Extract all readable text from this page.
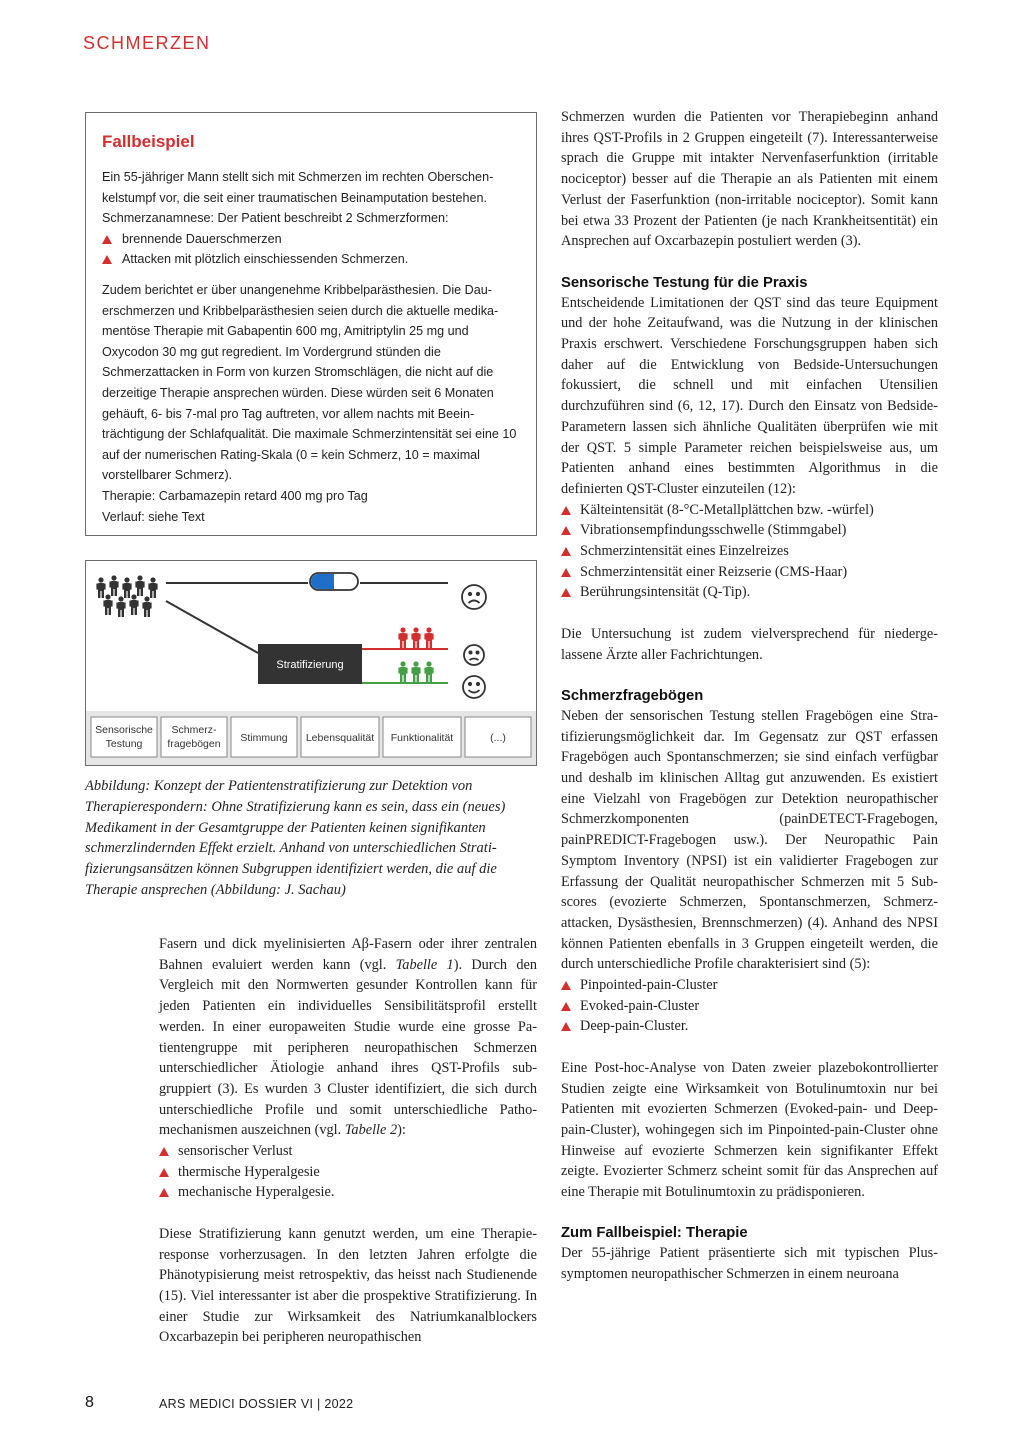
SCHMERZEN
Fallbeispiel

Ein 55-jähriger Mann stellt sich mit Schmerzen im rechten Oberschenkelstumpf vor, die seit einer traumatischen Beinamputation bestehen. Schmerzanamnese: Der Patient beschreibt 2 Schmerzformen:

brennende Dauerschmerzen
Attacken mit plötzlich einschiessenden Schmerzen.

Zudem berichtet er über unangenehme Kribbelparästhesien. Die Dauerschmerzen und Kribbelparästhesien seien durch die aktuelle medikamentöse Therapie mit Gabapentin 600 mg, Amitriptylin 25 mg und Oxycodon 30 mg gut regredient. Im Vordergrund stünden die Schmerzattacken in Form von kurzen Stromschlägen, die nicht auf die derzeitige Therapie ansprechen würden. Diese würden seit 6 Monaten gehäuft, 6- bis 7-mal pro Tag auftreten, vor allem nachts mit Beeinträchtigung der Schlafqualität. Die maximale Schmerzintensität sei eine 10 auf der numerischen Rating-Skala (0 = kein Schmerz, 10 = maximal vorstellbarer Schmerz).

Therapie: Carbamazepin retard 400 mg pro Tag

Verlauf: siehe Text

Stratifizierung
Sensorische
Testung
Schmerz-
fragebögen Stimmung Lebensqualität Funktionalität	(...)
Abbildung: Konzept der Patientenstratifizierung zur Detektion von Therapierespondern: Ohne Stratifizierung kann es sein, dass ein (neues) Medikament in der Gesamtgruppe der Patienten keinen signifikanten schmerzlindernden Effekt erzielt. Anhand von unterschiedlichen Stratifizierungsansätzen können Subgruppen identifiziert werden, die auf die Therapie ansprechen (Abbildung: J. Sachau)

Fasern und dick myelinisierten Aβ-Fasern oder ihrer zentralen Bahnen evaluiert werden kann (vgl. Tabelle 1). Durch den Vergleich mit den Normwerten gesunder Kontrollen kann für jeden Patienten ein individuelles Sensibilitätsprofil erstellt werden. In einer europaweiten Studie wurde eine grosse Patientengruppe mit peripheren neuropathischen Schmerzen unterschiedlicher Ätiologie anhand ihres QST-Profils subgruppiert (3). Es wurden 3 Cluster identifiziert, die sich durch unterschiedliche Profile und somit unterschiedliche Pathomechanismen auszeichnen (vgl. Tabelle 2):

sensorischer Verlust
thermische Hyperalgesie
mechanische Hyperalgesie.

Diese Stratifizierung kann genutzt werden, um eine Therapieresponse vorherzusagen. In den letzten Jahren erfolgte die Phänotypisierung meist retrospektiv, das heisst nach Studienende (15). Viel interessanter ist aber die prospektive Stratifizierung. In einer Studie zur Wirksamkeit des Natriumkanalblockers Oxcarbazepin bei peripheren neuropathischen

Schmerzen wurden die Patienten vor Therapiebeginn anhand ihres QST-Profils in 2 Gruppen eingeteilt (7). Interessanterweise sprach die Gruppe mit intakter Nervenfaserfunktion (irritable nociceptor) besser auf die Therapie an als Patienten mit einem Verlust der Faserfunktion (non-irritable nociceptor). Somit kann bei etwa 33 Prozent der Patienten (je nach Krankheitsentität) ein Ansprechen auf Oxcarbazepin postuliert werden (3).

Sensorische Testung für die Praxis

Entscheidende Limitationen der QST sind das teure Equipment und der hohe Zeitaufwand, was die Nutzung in der klinischen Praxis erschwert. Verschiedene Forschungsgruppen haben sich daher auf die Entwicklung von Bedside-Untersuchungen fokussiert, die schnell und mit einfachen Utensilien durchzuführen sind (6, 12, 17). Durch den Einsatz von Bedside-Parametern lassen sich ähnliche Qualitäten überprüfen wie mit der QST. 5 simple Parameter reichen beispielsweise aus, um Patienten anhand eines bestimmten Algorithmus in die definierten QST-Cluster einzuteilen (12):

Kälteintensität (8-°C-Metallplättchen bzw. -würfel)
Vibrationsempfindungsschwelle (Stimmgabel)
Schmerzintensität eines Einzelreizes
Schmerzintensität einer Reizserie (CMS-Haar)
Berührungsintensität (Q-Tip).

Die Untersuchung ist zudem vielversprechend für niedergelassene Ärzte aller Fachrichtungen.

Schmerzfragebögen

Neben der sensorischen Testung stellen Fragebögen eine Stratifizierungsmöglichkeit dar. Im Gegensatz zur QST erfassen Fragebögen auch Spontanschmerzen; sie sind einfach verfügbar und deshalb im klinischen Alltag gut anzuwenden. Es existiert eine Vielzahl von Fragebögen zur Detektion neuropathischer Schmerzkomponenten (painDETECT-Fragebogen, painPREDICT-Fragebogen usw.). Der Neuropathic Pain Symptom Inventory (NPSI) ist ein validierter Fragebogen zur Erfassung der Qualität neuropathischer Schmerzen mit 5 Subscores (evozierte Schmerzen, Spontanschmerzen, Schmerzattacken, Dysästhesien, Brennschmerzen) (4). Anhand des NPSI können Patienten ebenfalls in 3 Gruppen eingeteilt werden, die durch unterschiedliche Profile charakterisiert sind (5):

Pinpointed-pain-Cluster
Evoked-pain-Cluster
Deep-pain-Cluster.

Eine Post-hoc-Analyse von Daten zweier plazebokontrollierter Studien zeigte eine Wirksamkeit von Botulinumtoxin nur bei Patienten mit evozierten Schmerzen (Evoked-pain- und Deep-pain-Cluster), wohingegen sich im Pinpointed-pain-Cluster ohne Hinweise auf evozierte Schmerzen kein signifikanter Effekt zeigte. Evozierter Schmerz scheint somit für das Ansprechen auf eine Therapie mit Botulinumtoxin zu prädisponieren.

Zum Fallbeispiel: Therapie

Der 55-jährige Patient präsentierte sich mit typischen Plussymptomen neuropathischer Schmerzen in einem neuroana

8	ARS MEDICI DOSSIER VI | 2022
